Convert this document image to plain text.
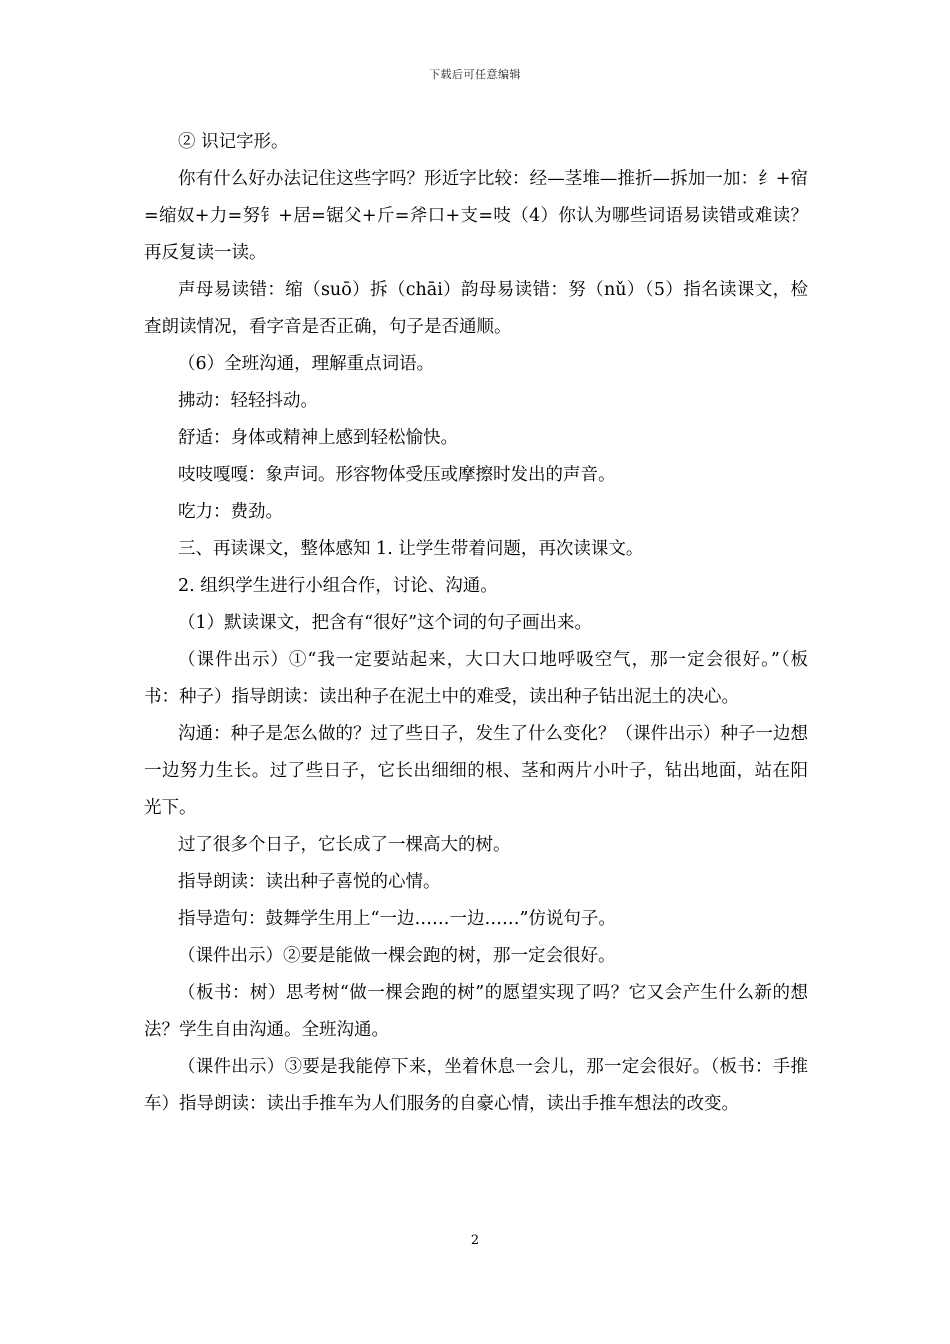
下载后可任意编辑

② 识记字形。

你有什么好办法记住这些字吗？形近字比较：经—茎堆—推折—拆加一加：纟+宿=缩奴+力=努钅+居=锯父+斤=斧口+支=吱（4）你认为哪些词语易读错或难读？再反复读一读。

声母易读错：缩（suō）拆（chāi）韵母易读错：努（nǔ）（5）指名读课文，检查朗读情况，看字音是否正确，句子是否通顺。

（6）全班沟通，理解重点词语。

拂动：轻轻抖动。

舒适：身体或精神上感到轻松愉快。

吱吱嘎嘎：象声词。形容物体受压或摩擦时发出的声音。

吃力：费劲。

三、再读课文，整体感知 1. 让学生带着问题，再次读课文。

2. 组织学生进行小组合作，讨论、沟通。

（1）默读课文，把含有“很好”这个词的句子画出来。

（课件出示）①“我一定要站起来，大口大口地呼吸空气，那一定会很好。”（板书：种子）指导朗读：读出种子在泥土中的难受，读出种子钻出泥土的决心。

沟通：种子是怎么做的？过了些日子，发生了什么变化？（课件出示）种子一边想一边努力生长。过了些日子，它长出细细的根、茎和两片小叶子，钻出地面，站在阳光下。

过了很多个日子，它长成了一棵高大的树。

指导朗读：读出种子喜悦的心情。

指导造句：鼓舞学生用上“一边……一边……”仿说句子。

（课件出示）②要是能做一棵会跑的树，那一定会很好。

（板书：树）思考树“做一棵会跑的树”的愿望实现了吗？它又会产生什么新的想法？学生自由沟通。全班沟通。

（课件出示）③要是我能停下来，坐着休息一会儿，那一定会很好。（板书：手推车）指导朗读：读出手推车为人们服务的自豪心情，读出手推车想法的改变。

2
